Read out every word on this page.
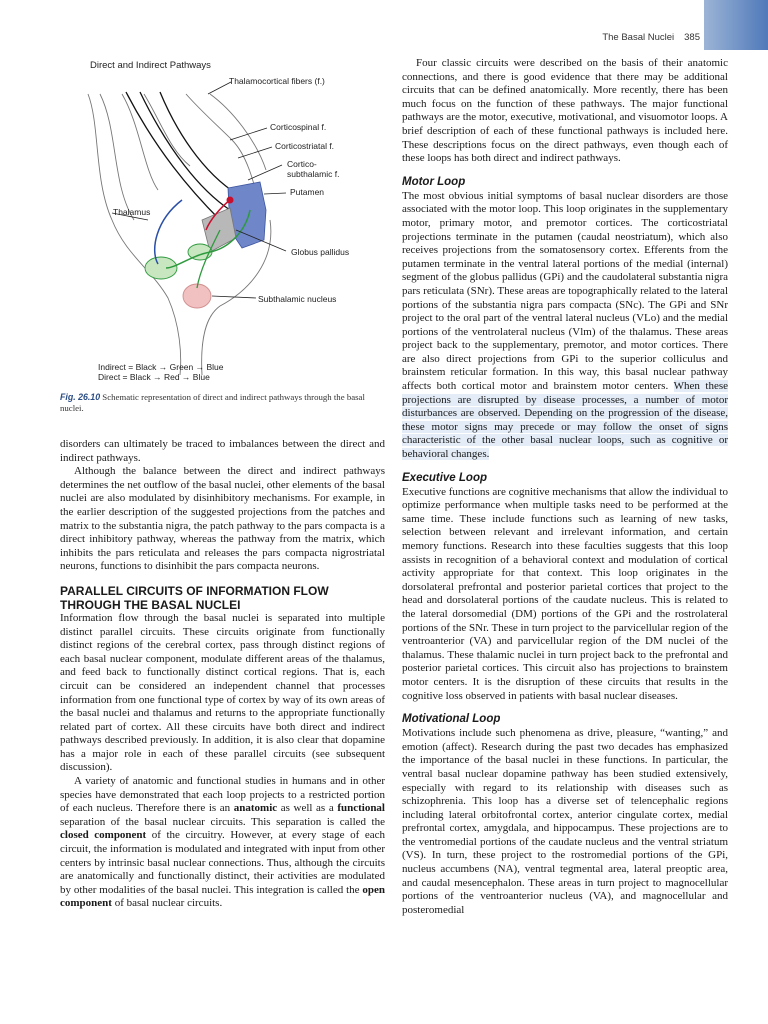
The Basal Nuclei 385
Direct and Indirect Pathways
Thalamocortical fibers (f.)
Corticospinal f.
Corticostriatal f.
Cortico-
subthalamic f.
Putamen
Thalamus
Globus pallidus
Subthalamic nucleus
Indirect = Black → Green → Blue
Direct = Black → Red → Blue
Fig. 26.10 Schematic representation of direct and indirect pathways through the basal nuclei.

disorders can ultimately be traced to imbalances between the direct and indirect pathways.

Although the balance between the direct and indirect pathways determines the net outflow of the basal nuclei, other elements of the basal nuclei are also modulated by disinhibitory mechanisms. For example, in the earlier description of the suggested projections from the patches and matrix to the substantia nigra, the patch pathway to the pars compacta is a direct inhibitory pathway, whereas the pathway from the matrix, which inhibits the pars reticulata and releases the pars compacta nigrostriatal neurons, functions to disinhibit the pars compacta neurons.

PARALLEL CIRCUITS OF INFORMATION FLOW THROUGH THE BASAL NUCLEI

Information flow through the basal nuclei is separated into multiple distinct parallel circuits. These circuits originate from functionally distinct regions of the cerebral cortex, pass through distinct regions of each basal nuclear component, modulate different areas of the thalamus, and feed back to functionally distinct cortical regions. That is, each circuit can be considered an independent channel that processes information from one functional type of cortex by way of its own areas of the basal nuclei and thalamus and returns to the appropriate functionally related part of cortex. All these circuits have both direct and indirect pathways described previously. In addition, it is also clear that dopamine has a major role in each of these parallel circuits (see subsequent discussion).

A variety of anatomic and functional studies in humans and in other species have demonstrated that each loop projects to a restricted portion of each nucleus. Therefore there is an anatomic as well as a functional separation of the basal nuclear circuits. This separation is called the closed component of the circuitry. However, at every stage of each circuit, the information is modulated and integrated with input from other centers by intrinsic basal nuclear connections. Thus, although the circuits are anatomically and functionally distinct, their activities are modulated by other modalities of the basal nuclei. This integration is called the open component of basal nuclear circuits.

Four classic circuits were described on the basis of their anatomic connections, and there is good evidence that there may be additional circuits that can be defined anatomically. More recently, there has been much focus on the function of these pathways. The major functional pathways are the motor, executive, motivational, and visuomotor loops. A brief description of each of these functional pathways is included here. These descriptions focus on the direct pathways, even though each of these loops has both direct and indirect pathways.

Motor Loop

The most obvious initial symptoms of basal nuclear disorders are those associated with the motor loop. This loop originates in the supplementary motor, primary motor, and premotor cortices. The corticostriatal projections terminate in the putamen (caudal neostriatum), which also receives projections from the somatosensory cortex. Efferents from the putamen terminate in the ventral lateral portions of the medial (internal) segment of the globus pallidus (GPi) and the caudolateral substantia nigra pars reticulata (SNr). These areas are topographically related to the lateral portions of the substantia nigra pars compacta (SNc). The GPi and SNr project to the oral part of the ventral lateral nucleus (VLo) and the medial portions of the ventrolateral nucleus (Vlm) of the thalamus. These areas project back to the supplementary, premotor, and motor cortices. There are also direct projections from GPi to the superior colliculus and brainstem reticular formation. In this way, this basal nuclear pathway affects both cortical motor and brainstem motor centers. When these projections are disrupted by disease processes, a number of motor disturbances are observed. Depending on the progression of the disease, these motor signs may precede or may follow the onset of signs characteristic of the other basal nuclear loops, such as cognitive or behavioral changes.

Executive Loop

Executive functions are cognitive mechanisms that allow the individual to optimize performance when multiple tasks need to be performed at the same time. These include functions such as learning of new tasks, selection between relevant and irrelevant information, and certain memory functions. Research into these faculties suggests that this loop assists in recognition of a behavioral context and modulation of cortical activity appropriate for that context. This loop originates in the dorsolateral prefrontal and posterior parietal cortices that project to the head and dorsolateral portions of the caudate nucleus. This is related to the lateral dorsomedial (DM) portions of the GPi and the rostrolateral portions of the SNr. These in turn project to the parvicellular region of the ventroanterior (VA) and parvicellular region of the DM nuclei of the thalamus. These thalamic nuclei in turn project back to the prefrontal and posterior parietal cortices. This circuit also has projections to brainstem motor centers. It is the disruption of these circuits that results in the cognitive loss observed in patients with basal nuclear diseases.

Motivational Loop

Motivations include such phenomena as drive, pleasure, “wanting,” and emotion (affect). Research during the past two decades has emphasized the importance of the basal nuclei in these functions. In particular, the ventral basal nuclear dopamine pathway has been studied extensively, especially with regard to its relationship with diseases such as schizophrenia. This loop has a diverse set of telencephalic regions including lateral orbitofrontal cortex, anterior cingulate cortex, medial prefrontal cortex, amygdala, and hippocampus. These projections are to the ventromedial portions of the caudate nucleus and the ventral striatum (VS). In turn, these project to the rostromedial portions of the GPi, nucleus accumbens (NA), ventral tegmental area, lateral preoptic area, and caudal mesencephalon. These areas in turn project to magnocellular portions of the ventroanterior nucleus (VA), and magnocellular and posteromedial
